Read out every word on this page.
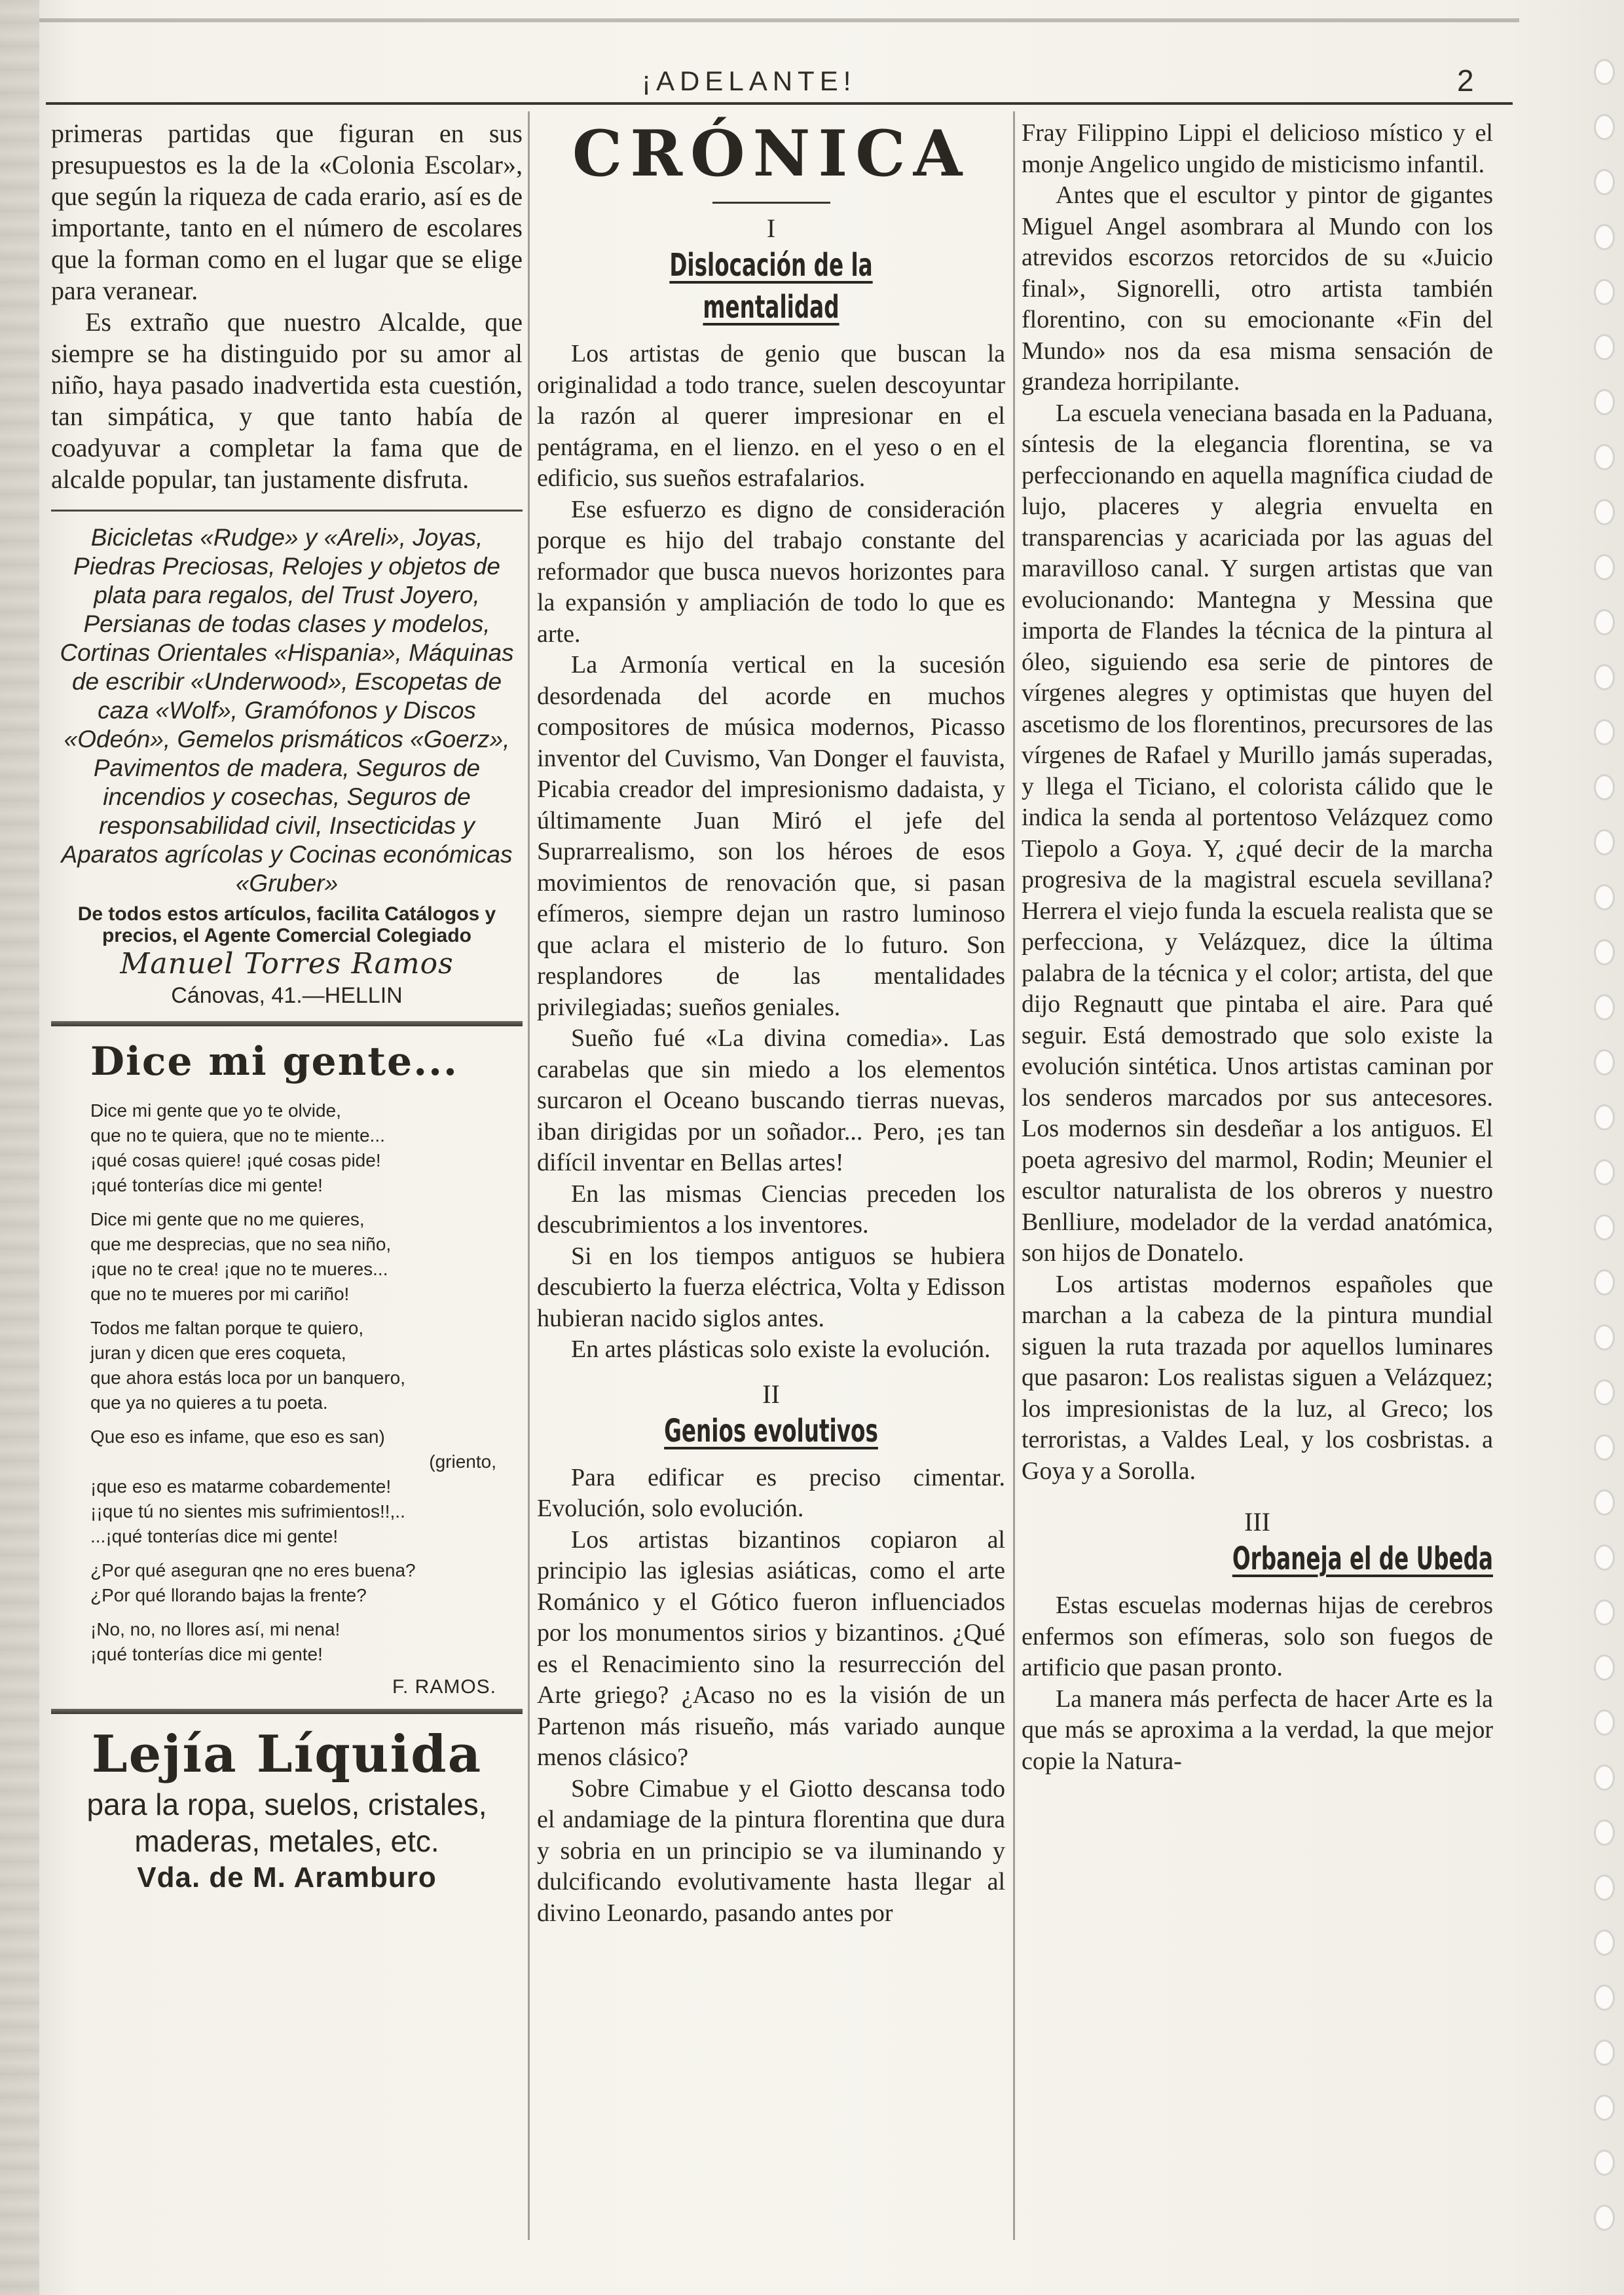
¡ADELANTE!	2

primeras partidas que figuran en sus presupuestos es la de la «Colonia Escolar», que según la riqueza de cada erario, así es de importante, tanto en el número de escolares que la forman como en el lugar que se elige para veranear.

Es extraño que nuestro Alcalde, que siempre se ha distinguido por su amor al niño, haya pasado inadvertida esta cuestión, tan simpática, y que tanto había de coadyuvar a completar la fama que de alcalde popular, tan justamente disfruta.

Bicicletas «Rudge» y «Areli», Joyas, Piedras Preciosas, Relojes y objetos de plata para regalos, del Trust Joyero, Persianas de todas clases y modelos, Cortinas Orientales «Hispania», Máquinas de escribir «Underwood», Escopetas de caza «Wolf», Gramófonos y Discos «Odeón», Gemelos prismáticos «Goerz», Pavimentos de madera, Seguros de incendios y cosechas, Seguros de responsabilidad civil, Insecticidas y Aparatos agrícolas y Cocinas económicas «Gruber»

De todos estos artículos, facilita Catálogos y precios, el Agente Comercial Colegiado

Manuel Torres Ramos

Cánovas, 41.—HELLIN

Dice mi gente...

Dice mi gente que yo te olvide,
que no te quiera, que no te miente...
¡qué cosas quiere! ¡qué cosas pide!
¡qué tonterías dice mi gente!
Dice mi gente que no me quieres,
que me desprecias, que no sea niño,
¡que no te crea! ¡que no te mueres...
que no te mueres por mi cariño!
Todos me faltan porque te quiero,
juran y dicen que eres coqueta,
que ahora estás loca por un banquero,
que ya no quieres a tu poeta.
Que eso es infame, que eso es san)
(griento,
¡que eso es matarme cobardemente!
¡¡que tú no sientes mis sufrimientos!!,..
...¡qué tonterías dice mi gente!
¿Por qué aseguran qne no eres buena?
¿Por qué llorando bajas la frente?
¡No, no, no llores así, mi nena!
¡qué tonterías dice mi gente!

F. RAMOS.

Lejía Líquida

para la ropa, suelos, cristales, maderas, metales, etc.

Vda. de M. Aramburo

CRÓNICA

I

Dislocación de la mentalidad

Los artistas de genio que buscan la originalidad a todo trance, suelen descoyuntar la razón al querer impresionar en el pentágrama, en el lienzo. en el yeso o en el edificio, sus sueños estrafalarios.

Ese esfuerzo es digno de consideración porque es hijo del trabajo constante del reformador que busca nuevos horizontes para la expansión y ampliación de todo lo que es arte.

La Armonía vertical en la sucesión desordenada del acorde en muchos compositores de música modernos, Picasso inventor del Cuvismo, Van Donger el fauvista, Picabia creador del impresionismo dadaista, y últimamente Juan Miró el jefe del Suprarrealismo, son los héroes de esos movimientos de renovación que, si pasan efímeros, siempre dejan un rastro luminoso que aclara el misterio de lo futuro. Son resplandores de las mentalidades privilegiadas; sueños geniales.

Sueño fué «La divina comedia». Las carabelas que sin miedo a los elementos surcaron el Oceano buscando tierras nuevas, iban dirigidas por un soñador... Pero, ¡es tan difícil inventar en Bellas artes!

En las mismas Ciencias preceden los descubrimientos a los inventores.

Si en los tiempos antiguos se hubiera descubierto la fuerza eléctrica, Volta y Edisson hubieran nacido siglos antes.

En artes plásticas solo existe la evolución.

II

Genios evolutivos

Para edificar es preciso cimentar. Evolución, solo evolución.

Los artistas bizantinos copiaron al principio las iglesias asiáticas, como el arte Románico y el Gótico fueron influenciados por los monumentos sirios y bizantinos. ¿Qué es el Renacimiento sino la resurrección del Arte griego? ¿Acaso no es la visión de un Partenon más risueño, más variado aunque menos clásico?

Sobre Cimabue y el Giotto descansa todo el andamiage de la pintura florentina que dura y sobria en un principio se va iluminando y dulcificando evolutivamente hasta llegar al divino Leonardo, pasando antes por

Fray Filippino Lippi el delicioso místico y el monje Angelico ungido de misticismo infantil.

Antes que el escultor y pintor de gigantes Miguel Angel asombrara al Mundo con los atrevidos escorzos retorcidos de su «Juicio final», Signorelli, otro artista también florentino, con su emocionante «Fin del Mundo» nos da esa misma sensación de grandeza horripilante.

La escuela veneciana basada en la Paduana, síntesis de la elegancia florentina, se va perfeccionando en aquella magnífica ciudad de lujo, placeres y alegria envuelta en transparencias y acariciada por las aguas del maravilloso canal. Y surgen artistas que van evolucionando: Mantegna y Messina que importa de Flandes la técnica de la pintura al óleo, siguiendo esa serie de pintores de vírgenes alegres y optimistas que huyen del ascetismo de los florentinos, precursores de las vírgenes de Rafael y Murillo jamás superadas, y llega el Ticiano, el colorista cálido que le indica la senda al portentoso Velázquez como Tiepolo a Goya. Y, ¿qué decir de la marcha progresiva de la magistral escuela sevillana? Herrera el viejo funda la escuela realista que se perfecciona, y Velázquez, dice la última palabra de la técnica y el color; artista, del que dijo Regnautt que pintaba el aire. Para qué seguir. Está demostrado que solo existe la evolución sintética. Unos artistas caminan por los senderos marcados por sus antecesores. Los modernos sin desdeñar a los antiguos. El poeta agresivo del marmol, Rodin; Meunier el escultor naturalista de los obreros y nuestro Benlliure, modelador de la verdad anatómica, son hijos de Donatelo.

Los artistas modernos españoles que marchan a la cabeza de la pintura mundial siguen la ruta trazada por aquellos luminares que pasaron: Los realistas siguen a Velázquez; los impresionistas de la luz, al Greco; los terroristas, a Valdes Leal, y los cosbristas. a Goya y a Sorolla.

III

Orbaneja el de Ubeda

Estas escuelas modernas hijas de cerebros enfermos son efímeras, solo son fuegos de artificio que pasan pronto.

La manera más perfecta de hacer Arte es la que más se aproxima a la verdad, la que mejor copie la Natura-
